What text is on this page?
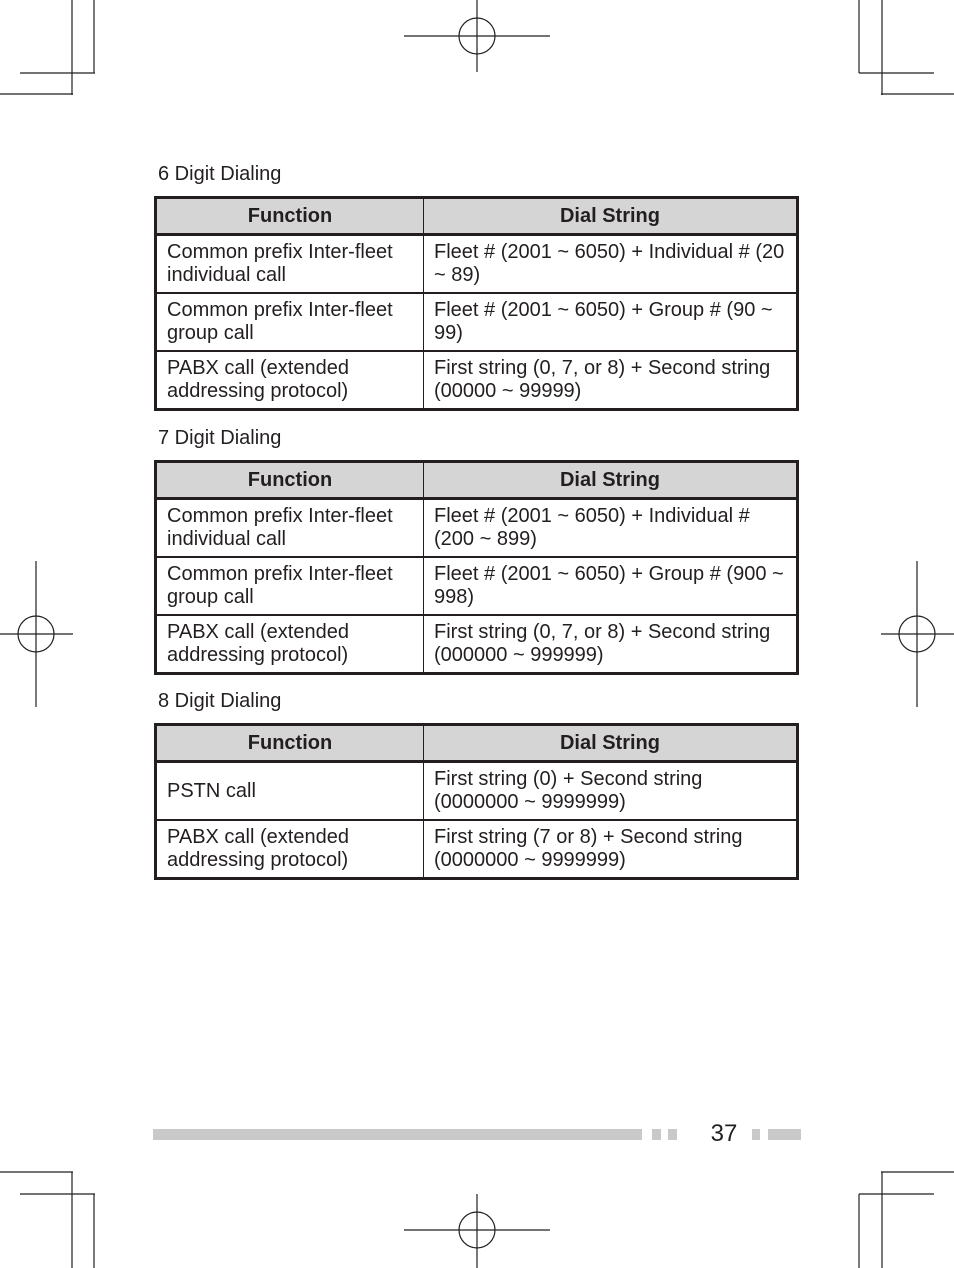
6 Digit Dialing
Function	Dial String
Common prefix Inter-fleet individual call	Fleet # (2001 ~ 6050) + Individual # (20 ~ 89)
Common prefix Inter-fleet group call	Fleet # (2001 ~ 6050) + Group # (90 ~ 99)
PABX call (extended addressing protocol)	First string (0, 7, or 8) + Second string (00000 ~ 99999)
7 Digit Dialing
Function	Dial String
Common prefix Inter-fleet individual call	Fleet # (2001 ~ 6050) + Individual # (200 ~ 899)
Common prefix Inter-fleet group call	Fleet # (2001 ~ 6050) + Group # (900 ~ 998)
PABX call (extended addressing protocol)	First string (0, 7, or 8) + Second string (000000 ~ 999999)
8 Digit Dialing
Function	Dial String
PSTN call	First string (0) + Second string (0000000 ~ 9999999)
PABX call (extended addressing protocol)	First string (7 or 8) + Second string (0000000 ~ 9999999)
37
